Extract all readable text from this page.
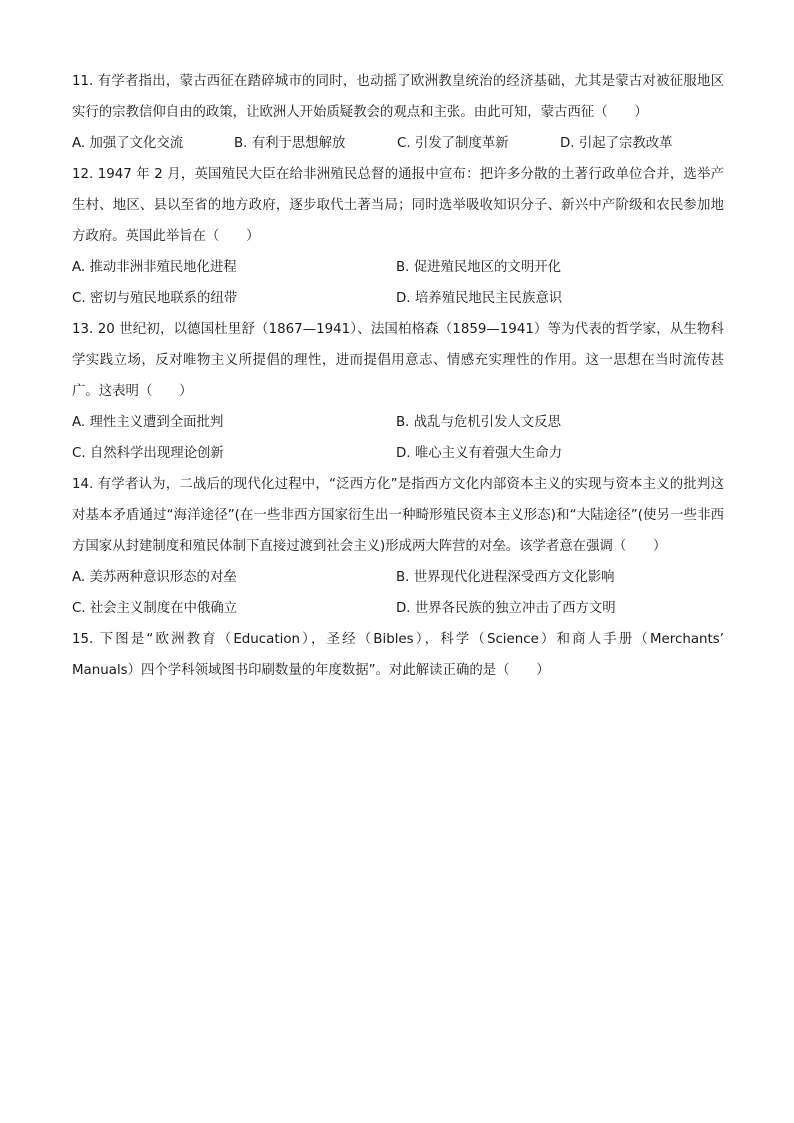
11. 有学者指出，蒙古西征在踏碎城市的同时，也动摇了欧洲教皇统治的经济基础，尤其是蒙古对被征服地区实行的宗教信仰自由的政策，让欧洲人开始质疑教会的观点和主张。由此可知，蒙古西征（　　）

A. 加强了文化交流	B. 有利于思想解放	C. 引发了制度革新	D. 引起了宗教改革

12. 1947 年 2 月，英国殖民大臣在给非洲殖民总督的通报中宣布：把许多分散的土著行政单位合并，选举产生村、地区、县以至省的地方政府，逐步取代土著当局；同时选举吸收知识分子、新兴中产阶级和农民参加地方政府。英国此举旨在（　　）

A. 推动非洲非殖民地化进程	B. 促进殖民地区的文明开化
C. 密切与殖民地联系的纽带	D. 培养殖民地民主民族意识

13. 20 世纪初，以德国杜里舒（1867—1941）、法国柏格森（1859—1941）等为代表的哲学家，从生物科学实践立场，反对唯物主义所提倡的理性，进而提倡用意志、情感充实理性的作用。这一思想在当时流传甚广。这表明（　　）

A. 理性主义遭到全面批判	B. 战乱与危机引发人文反思
C. 自然科学出现理论创新	D. 唯心主义有着强大生命力

14. 有学者认为，二战后的现代化过程中，“泛西方化”是指西方文化内部资本主义的实现与资本主义的批判这对基本矛盾通过“海洋途径”(在一些非西方国家衍生出一种畸形殖民资本主义形态)和“大陆途径”(使另一些非西方国家从封建制度和殖民体制下直接过渡到社会主义)形成两大阵营的对垒。该学者意在强调（　　）

A. 美苏两种意识形态的对垒	B. 世界现代化进程深受西方文化影响
C. 社会主义制度在中俄确立	D. 世界各民族的独立冲击了西方文明

15. 下图是“欧洲教育（Education），圣经（Bibles），科学（Science）和商人手册（Merchants’ Manuals）四个学科领域图书印刷数量的年度数据”。对此解读正确的是（　　）
